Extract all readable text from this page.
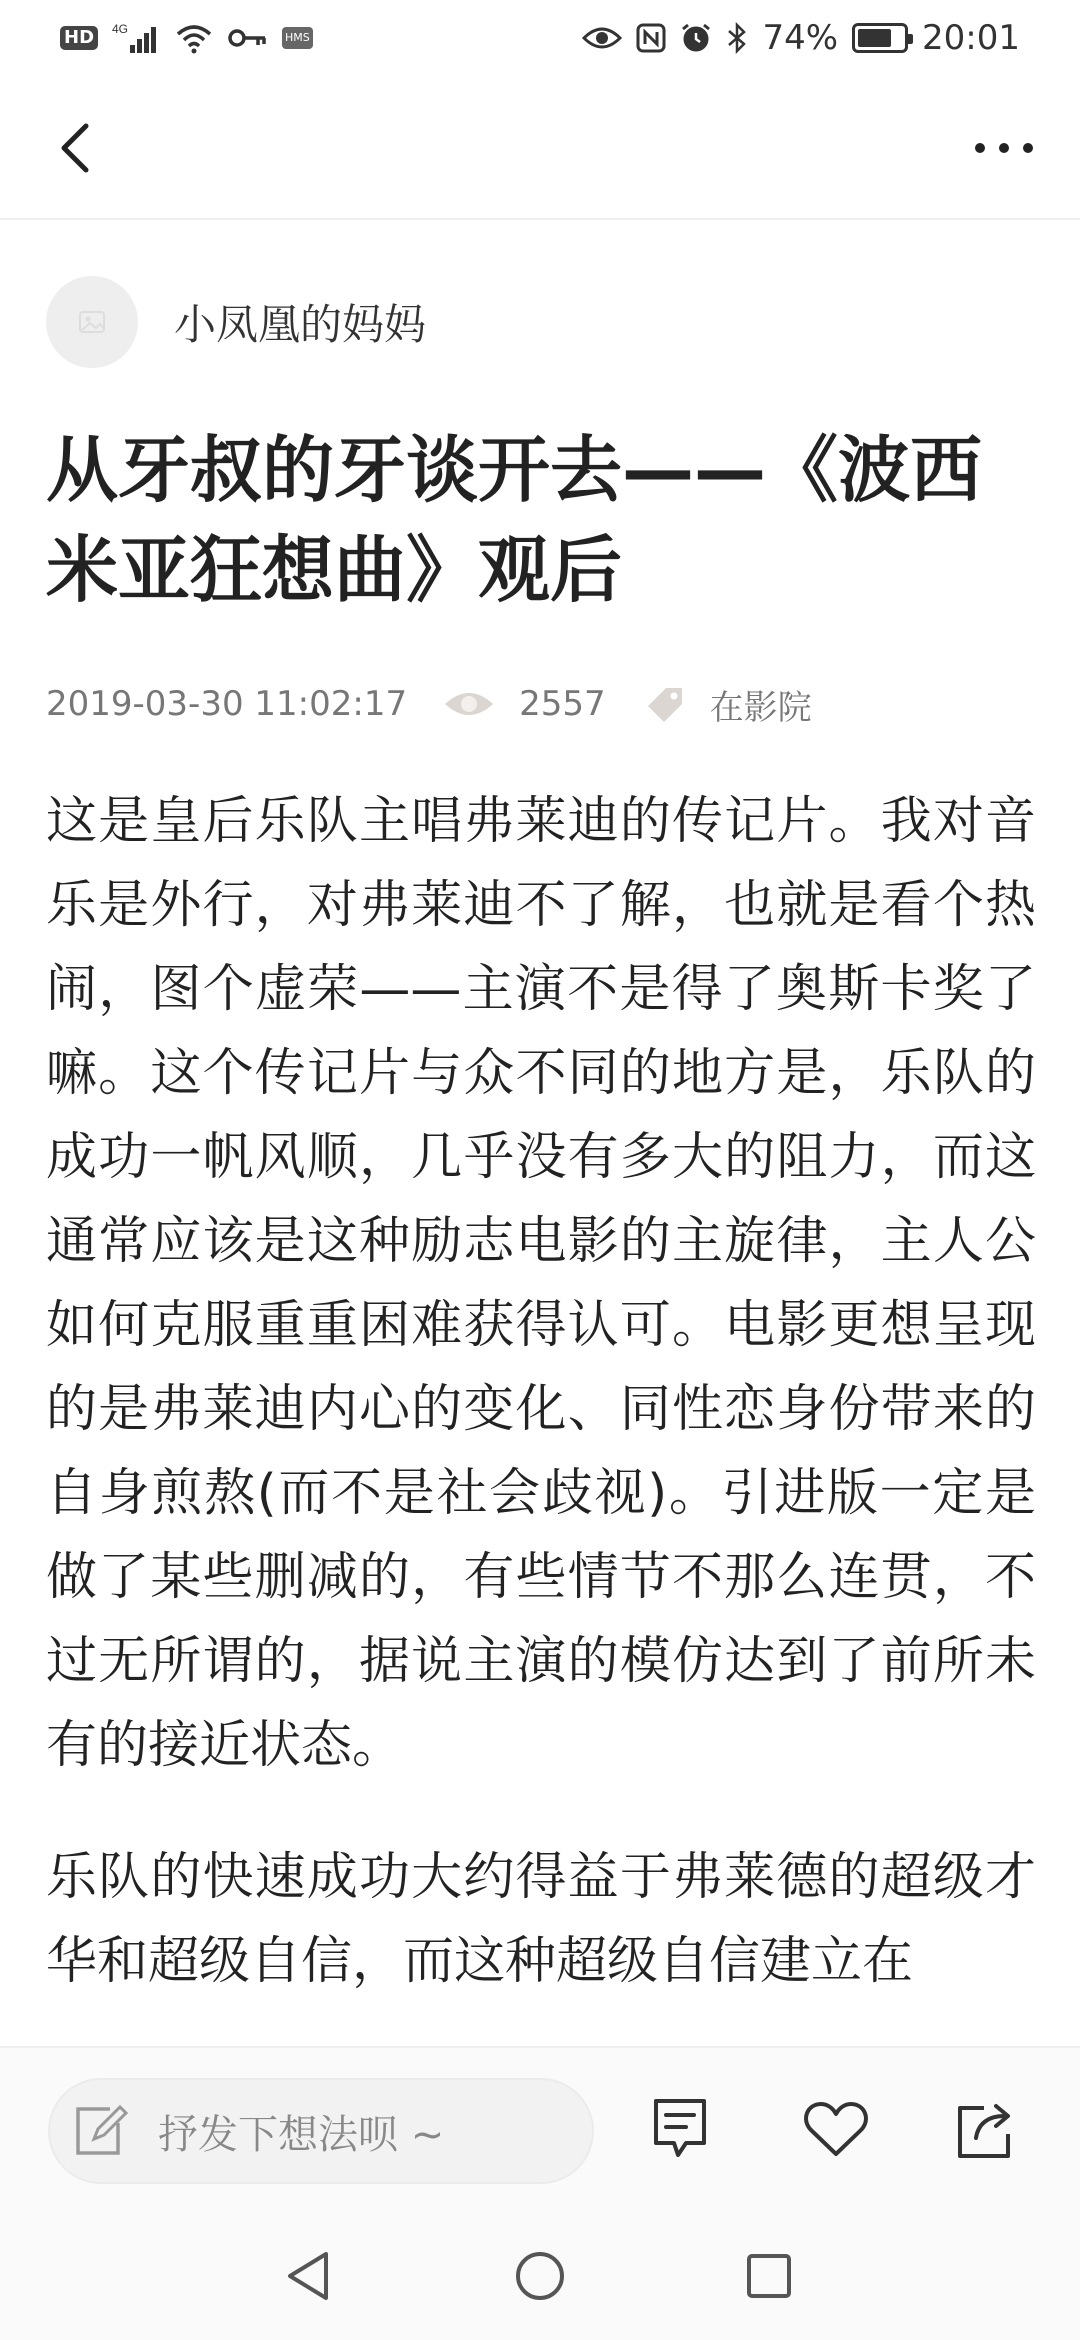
HD	4G
HMS	74% 20:01
小凤凰的妈妈
从牙叔的牙谈开去——《波西米亚狂想曲》观后
2019-03-30 11:02:17	2557	在影院

这是皇后乐队主唱弗莱迪的传记片。我对音乐是外行，对弗莱迪不了解，也就是看个热闹，图个虚荣——主演不是得了奥斯卡奖了嘛。这个传记片与众不同的地方是，乐队的成功一帆风顺，几乎没有多大的阻力，而这通常应该是这种励志电影的主旋律，主人公如何克服重重困难获得认可。电影更想呈现的是弗莱迪内心的变化、同性恋身份带来的自身煎熬(而不是社会歧视)。引进版一定是做了某些删减的，有些情节不那么连贯，不过无所谓的，据说主演的模仿达到了前所未有的接近状态。

乐队的快速成功大约得益于弗莱德的超级才华和超级自信，而这种超级自信建立在

抒发下想法呗 ~
